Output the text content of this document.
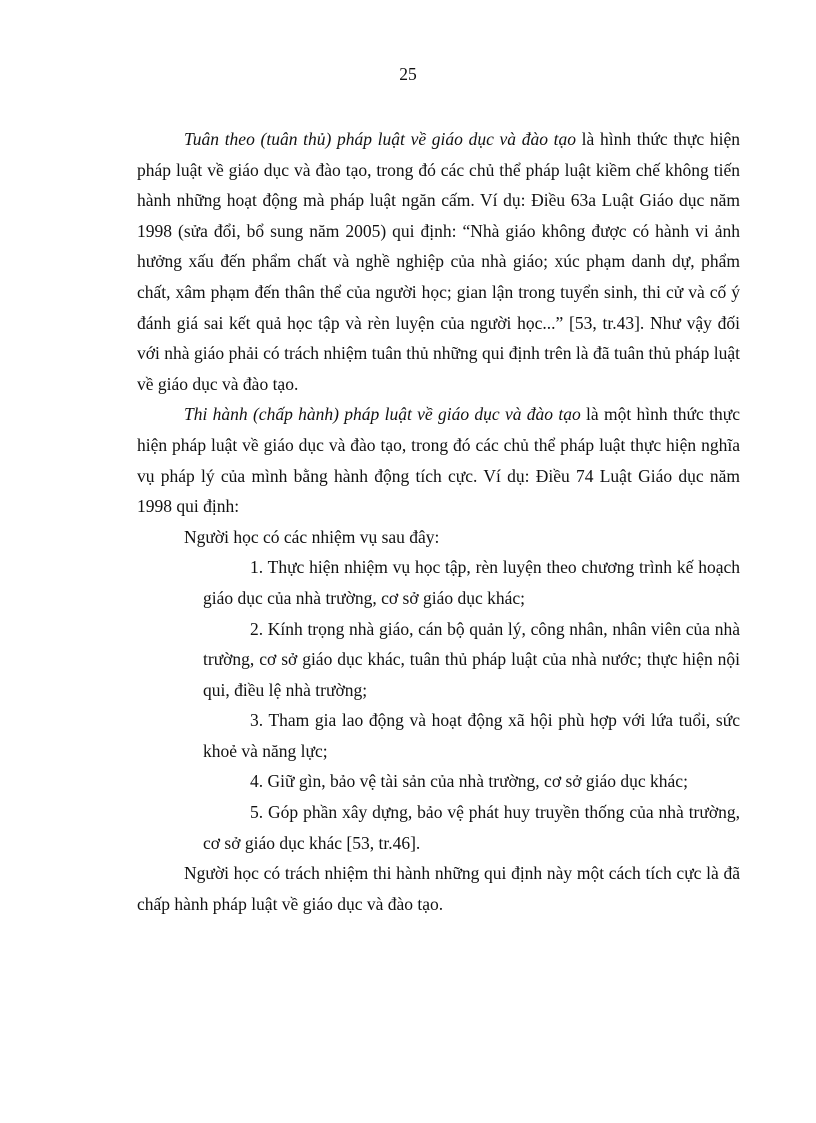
25

Tuân theo (tuân thủ) pháp luật về giáo dục và đào tạo là hình thức thực hiện pháp luật về giáo dục và đào tạo, trong đó các chủ thể pháp luật kiềm chế không tiến hành những hoạt động mà pháp luật ngăn cấm. Ví dụ: Điều 63a Luật Giáo dục năm 1998 (sửa đổi, bổ sung năm 2005) qui định: “Nhà giáo không được có hành vi ảnh hưởng xấu đến phẩm chất và nghề nghiệp của nhà giáo; xúc phạm danh dự, phẩm chất, xâm phạm đến thân thể của người học; gian lận trong tuyển sinh, thi cử và cố ý đánh giá sai kết quả học tập và rèn luyện của người học...” [53, tr.43]. Như vậy đối với nhà giáo phải có trách nhiệm tuân thủ những qui định trên là đã tuân thủ pháp luật về giáo dục và đào tạo.

Thi hành (chấp hành) pháp luật về giáo dục và đào tạo là một hình thức thực hiện pháp luật về giáo dục và đào tạo, trong đó các chủ thể pháp luật thực hiện nghĩa vụ pháp lý của mình bằng hành động tích cực. Ví dụ: Điều 74 Luật Giáo dục năm 1998 qui định:

Người học có các nhiệm vụ sau đây:

1. Thực hiện nhiệm vụ học tập, rèn luyện theo chương trình kế hoạch giáo dục của nhà trường, cơ sở giáo dục khác;

2. Kính trọng nhà giáo, cán bộ quản lý, công nhân, nhân viên của nhà trường, cơ sở giáo dục khác, tuân thủ pháp luật của nhà nước; thực hiện nội qui, điều lệ nhà trường;

3. Tham gia lao động và hoạt động xã hội phù hợp với lứa tuổi, sức khoẻ và năng lực;

4. Giữ gìn, bảo vệ tài sản của nhà trường, cơ sở giáo dục khác;

5. Góp phần xây dựng, bảo vệ phát huy truyền thống của nhà trường, cơ sở giáo dục khác [53, tr.46].

Người học có trách nhiệm thi hành những qui định này một cách tích cực là đã chấp hành pháp luật về giáo dục và đào tạo.
